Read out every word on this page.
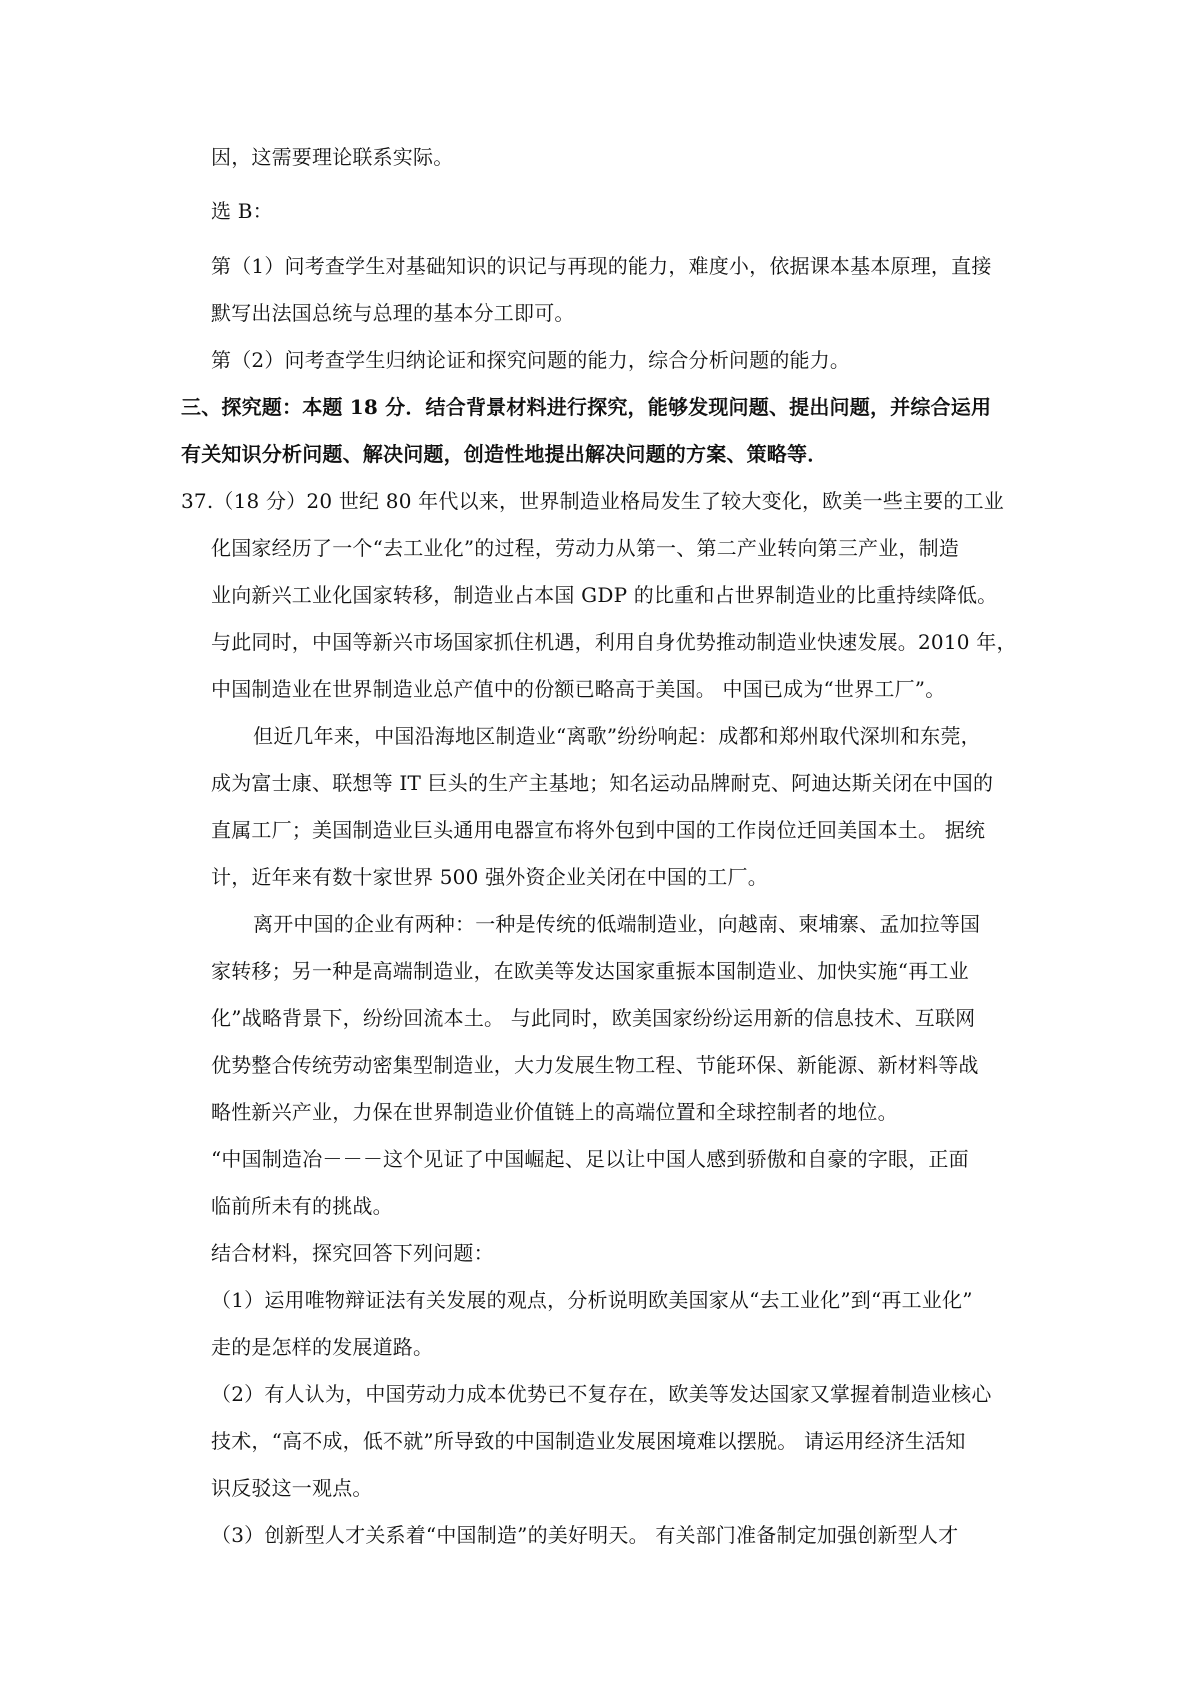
因，这需要理论联系实际。
选 B：
第（1）问考查学生对基础知识的识记与再现的能力，难度小，依据课本基本原理，直接
默写出法国总统与总理的基本分工即可。
第（2）问考查学生归纳论证和探究问题的能力，综合分析问题的能力。
三、探究题：本题 18 分．结合背景材料进行探究，能够发现问题、提出问题，并综合运用
有关知识分析问题、解决问题，创造性地提出解决问题的方案、策略等．
37.（18 分）20 世纪 80 年代以来，世界制造业格局发生了较大变化，欧美一些主要的工业
化国家经历了一个“去工业化”的过程，劳动力从第一、第二产业转向第三产业，制造
业向新兴工业化国家转移，制造业占本国 GDP 的比重和占世界制造业的比重持续降低。
与此同时，中国等新兴市场国家抓住机遇，利用自身优势推动制造业快速发展。2010 年，
中国制造业在世界制造业总产值中的份额已略高于美国。 中国已成为“世界工厂”。
但近几年来，中国沿海地区制造业“离歌”纷纷响起：成都和郑州取代深圳和东莞，
成为富士康、联想等 IT 巨头的生产主基地；知名运动品牌耐克、阿迪达斯关闭在中国的
直属工厂；美国制造业巨头通用电器宣布将外包到中国的工作岗位迁回美国本土。 据统
计，近年来有数十家世界 500 强外资企业关闭在中国的工厂。
离开中国的企业有两种：一种是传统的低端制造业，向越南、柬埔寨、孟加拉等国
家转移；另一种是高端制造业，在欧美等发达国家重振本国制造业、加快实施“再工业
化”战略背景下，纷纷回流本土。 与此同时，欧美国家纷纷运用新的信息技术、互联网
优势整合传统劳动密集型制造业，大力发展生物工程、节能环保、新能源、新材料等战
略性新兴产业，力保在世界制造业价值链上的高端位置和全球控制者的地位。
“中国制造冶－－－这个见证了中国崛起、足以让中国人感到骄傲和自豪的字眼，正面
临前所未有的挑战。
结合材料，探究回答下列问题：
（1）运用唯物辩证法有关发展的观点，分析说明欧美国家从“去工业化”到“再工业化”
走的是怎样的发展道路。
（2）有人认为，中国劳动力成本优势已不复存在，欧美等发达国家又掌握着制造业核心
技术，“高不成，低不就”所导致的中国制造业发展困境难以摆脱。 请运用经济生活知
识反驳这一观点。
（3）创新型人才关系着“中国制造”的美好明天。 有关部门准备制定加强创新型人才
